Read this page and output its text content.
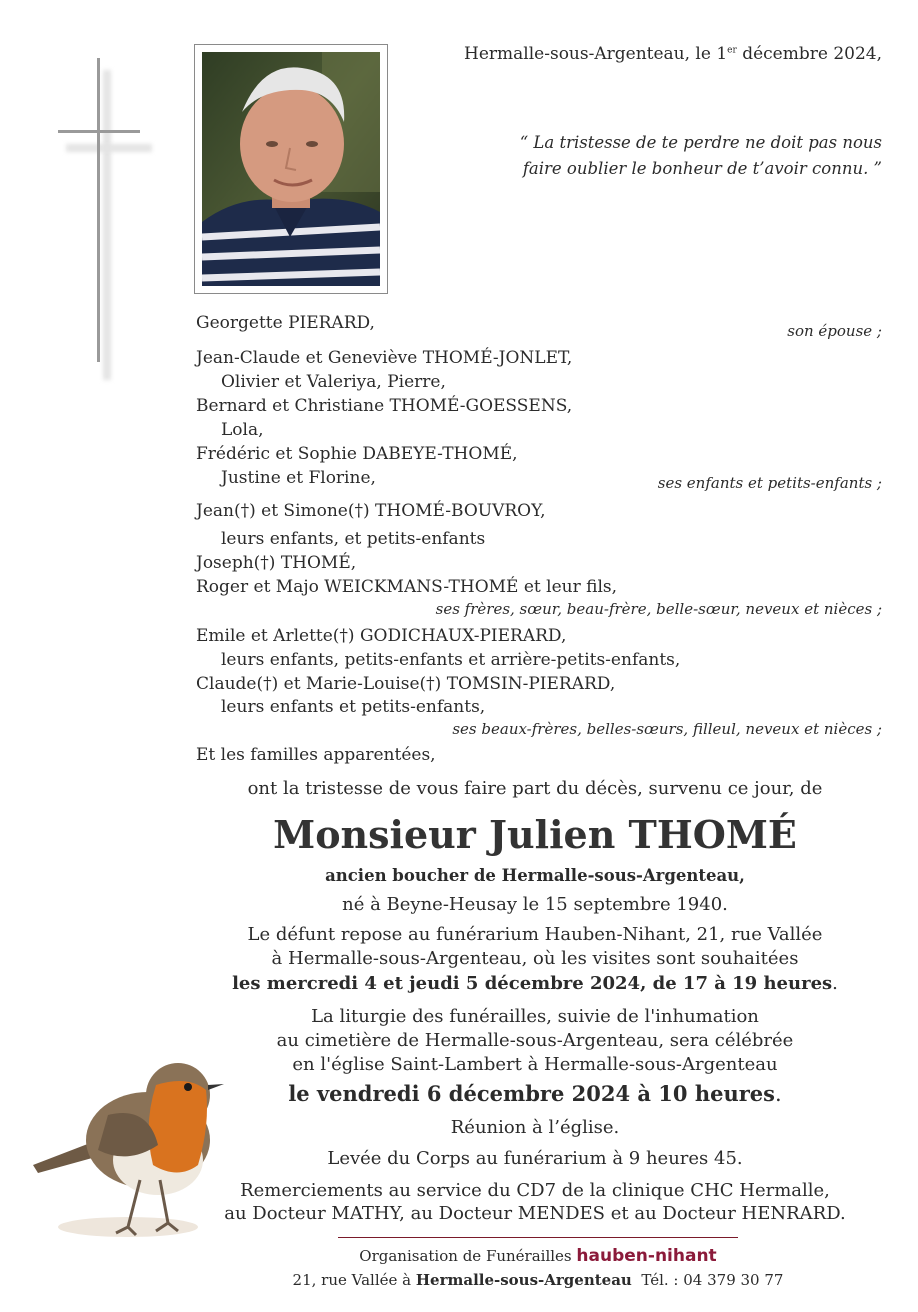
Hermalle-sous-Argenteau, le 1er décembre 2024,
“ La tristesse de te perdre ne doit pas nous
faire oublier le bonheur de t’avoir connu. ”
Georgette PIERARD,	son épouse ;
Jean-Claude et Geneviève THOMÉ-JONLET,
Olivier et Valeriya, Pierre,
Bernard et Christiane THOMÉ-GOESSENS,
Lola,
Frédéric et Sophie DABEYE-THOMÉ,
Justine et Florine,	ses enfants et petits-enfants ;
Jean(†) et Simone(†) THOMÉ-BOUVROY,
leurs enfants, et petits-enfants
Joseph(†) THOMÉ,
Roger et Majo WEICKMANS-THOMÉ et leur fils,
ses frères, sœur, beau-frère, belle-sœur, neveux et nièces ;
Emile et Arlette(†) GODICHAUX-PIERARD,
leurs enfants, petits-enfants et arrière-petits-enfants,
Claude(†) et Marie-Louise(†) TOMSIN-PIERARD,
leurs enfants et petits-enfants,
ses beaux-frères, belles-sœurs, filleul, neveux et nièces ;
Et les familles apparentées,
ont la tristesse de vous faire part du décès, survenu ce jour, de
Monsieur Julien THOMÉ
ancien boucher de Hermalle-sous-Argenteau,
né à Beyne-Heusay le 15 septembre 1940.
Le défunt repose au funérarium Hauben-Nihant, 21, rue Vallée
à Hermalle-sous-Argenteau, où les visites sont souhaitées
les mercredi 4 et jeudi 5 décembre 2024, de 17 à 19 heures.
La liturgie des funérailles, suivie de l'inhumation
au cimetière de Hermalle-sous-Argenteau, sera célébrée
en l'église Saint-Lambert à Hermalle-sous-Argenteau
le vendredi 6 décembre 2024 à 10 heures.
Réunion à l’église.
Levée du Corps au funérarium à 9 heures 45.
Remerciements au service du CD7 de la clinique CHC Hermalle,
au Docteur MATHY, au Docteur MENDES et au Docteur HENRARD.
Organisation de Funérailles hauben-nihant
21, rue Vallée à Hermalle-sous-Argenteau  Tél. : 04 379 30 77
